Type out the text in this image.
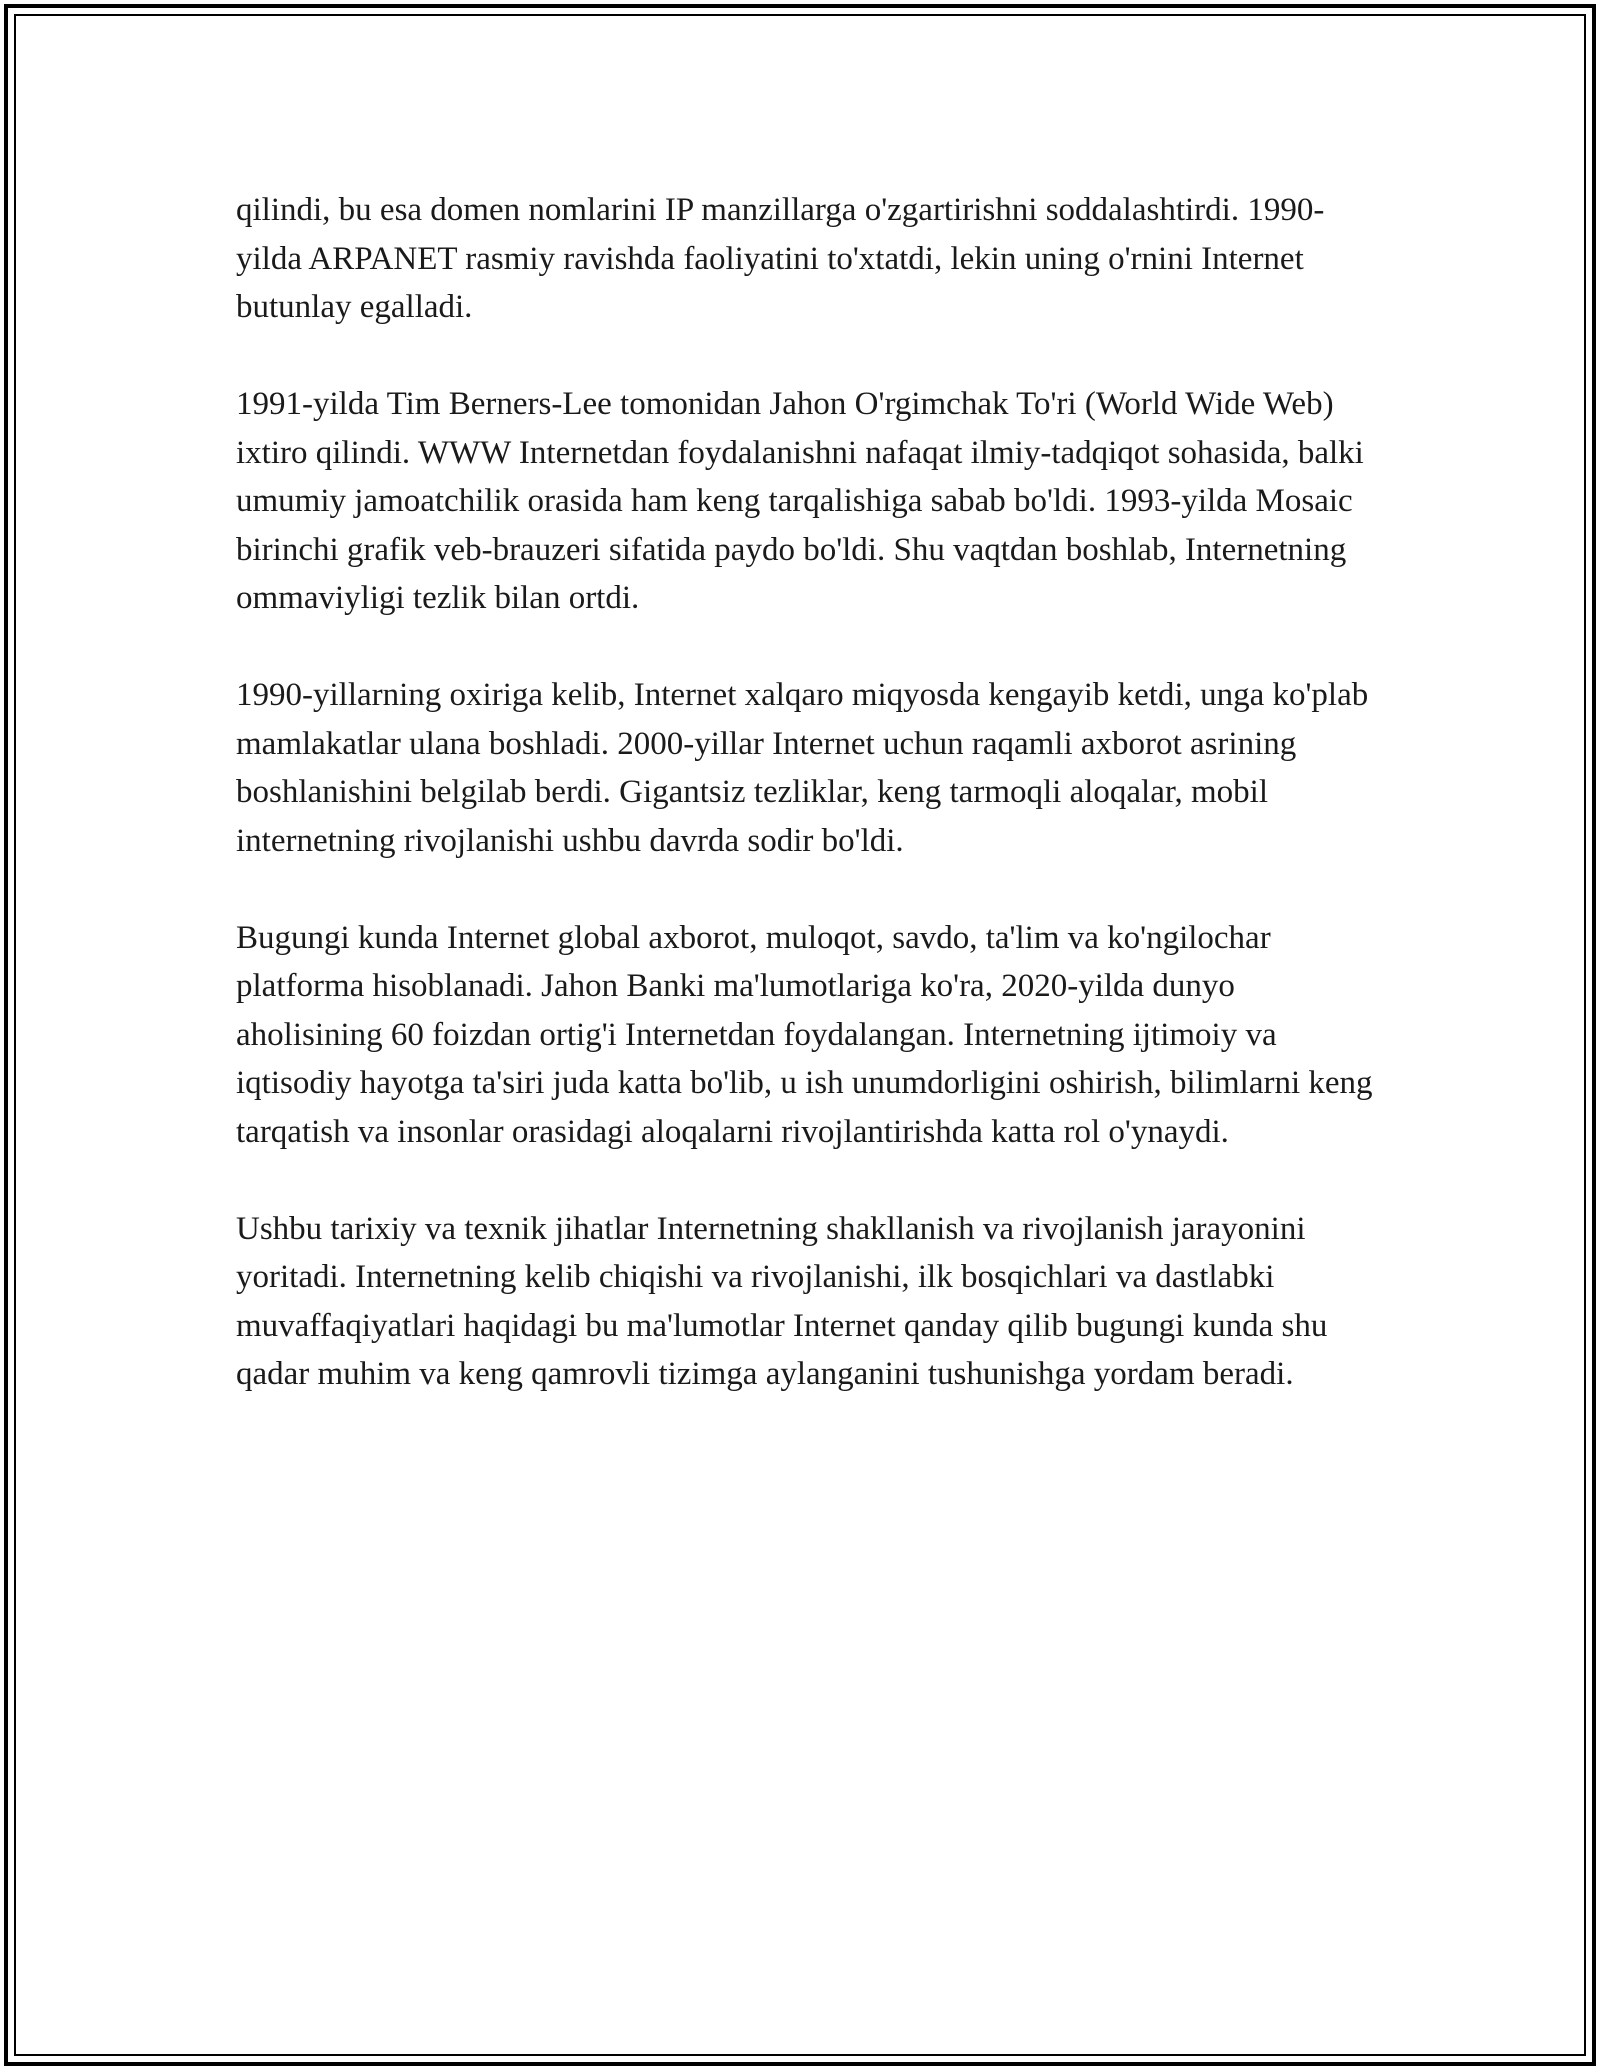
qilindi, bu esa domen nomlarini IP manzillarga o'zgartirishni soddalashtirdi. 1990-yilda ARPANET rasmiy ravishda faoliyatini to'xtatdi, lekin uning o'rnini Internet butunlay egalladi.

1991-yilda Tim Berners-Lee tomonidan Jahon O'rgimchak To'ri (World Wide Web) ixtiro qilindi. WWW Internetdan foydalanishni nafaqat ilmiy-tadqiqot sohasida, balki umumiy jamoatchilik orasida ham keng tarqalishiga sabab bo'ldi. 1993-yilda Mosaic birinchi grafik veb-brauzeri sifatida paydo bo'ldi. Shu vaqtdan boshlab, Internetning ommaviyligi tezlik bilan ortdi.

1990-yillarning oxiriga kelib, Internet xalqaro miqyosda kengayib ketdi, unga ko'plab mamlakatlar ulana boshladi. 2000-yillar Internet uchun raqamli axborot asrining boshlanishini belgilab berdi. Gigantsiz tezliklar, keng tarmoqli aloqalar, mobil internetning rivojlanishi ushbu davrda sodir bo'ldi.

Bugungi kunda Internet global axborot, muloqot, savdo, ta'lim va ko'ngilochar platforma hisoblanadi. Jahon Banki ma'lumotlariga ko'ra, 2020-yilda dunyo aholisining 60 foizdan ortig'i Internetdan foydalangan. Internetning ijtimoiy va iqtisodiy hayotga ta'siri juda katta bo'lib, u ish unumdorligini oshirish, bilimlarni keng tarqatish va insonlar orasidagi aloqalarni rivojlantirishda katta rol o'ynaydi.

Ushbu tarixiy va texnik jihatlar Internetning shakllanish va rivojlanish jarayonini yoritadi. Internetning kelib chiqishi va rivojlanishi, ilk bosqichlari va dastlabki muvaffaqiyatlari haqidagi bu ma'lumotlar Internet qanday qilib bugungi kunda shu qadar muhim va keng qamrovli tizimga aylanganini tushunishga yordam beradi.
